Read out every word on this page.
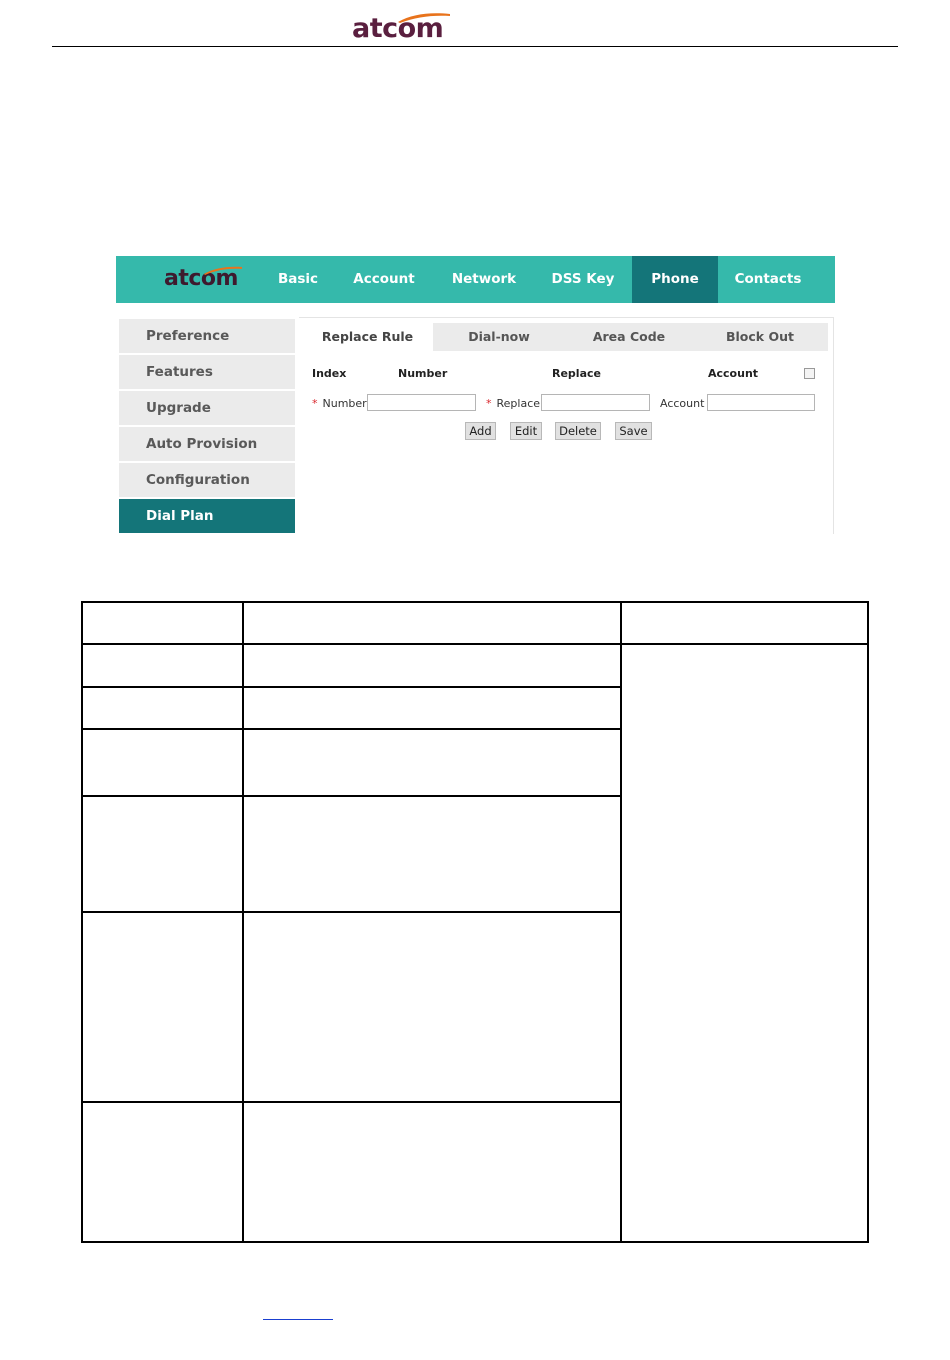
atcom
atcom	Basic	Account	Network	DSS Key	Phone	Contacts
Preference
Features
Upgrade
Auto Provision
Configuration
Dial Plan
Replace Rule	Dial-now	Area Code	Block Out
Index	Number	Replace	Account
* Number	* Replace	Account
Add	Edit	Delete	Save
